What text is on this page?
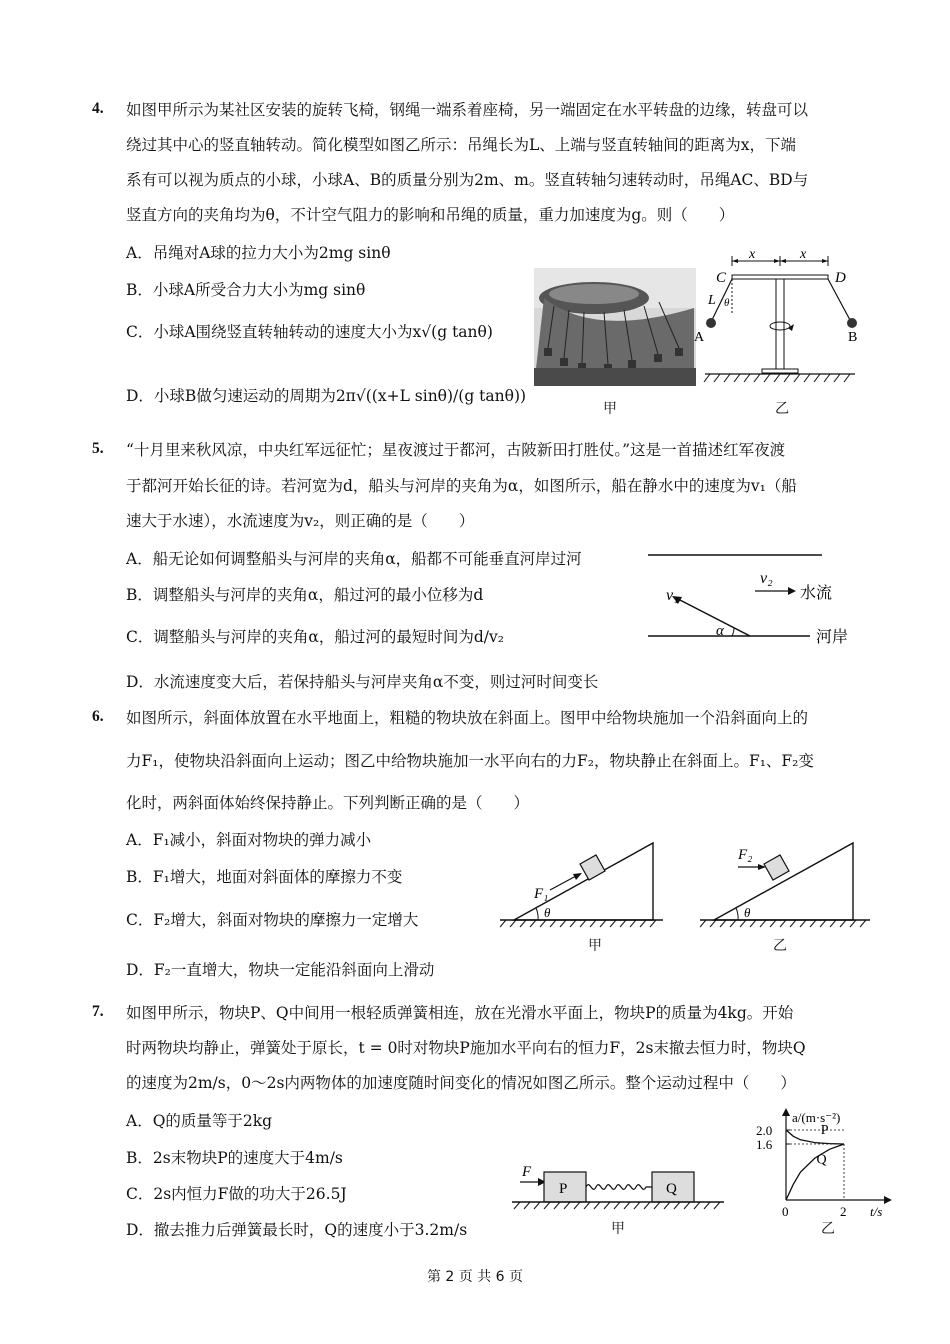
4. 如图甲所示为某社区安装的旋转飞椅，钢绳一端系着座椅，另一端固定在水平转盘的边缘，转盘可以
绕过其中心的竖直轴转动。简化模型如图乙所示：吊绳长为L、上端与竖直转轴间的距离为x，下端
系有可以视为质点的小球，小球A、B的质量分别为2m、m。竖直转轴匀速转动时，吊绳AC、BD与
竖直方向的夹角均为θ，不计空气阻力的影响和吊绳的质量，重力加速度为g。则（　　）
A．吊绳对A球的拉力大小为2mg sinθ
B．小球A所受合力大小为mg sinθ
C．小球A围绕竖直转轴转动的速度大小为x√(g tanθ)
D．小球B做匀速运动的周期为2π√((x+L sinθ)/(g tanθ))
甲
x	x
C	D
L θ
A	B
乙
5. “十月里来秋风凉，中央红军远征忙；星夜渡过于都河，古陂新田打胜仗。”这是一首描述红军夜渡
于都河开始长征的诗。若河宽为d，船头与河岸的夹角为α，如图所示，船在静水中的速度为v₁（船
速大于水速），水流速度为v₂，则正确的是（　　）
A．船无论如何调整船头与河岸的夹角α，船都不可能垂直河岸过河
B．调整船头与河岸的夹角α，船过河的最小位移为d
C．调整船头与河岸的夹角α，船过河的最短时间为d/v₂
D．水流速度变大后，若保持船头与河岸夹角α不变，则过河时间变长
v₂
水流
v₁
α	河岸
6. 如图所示，斜面体放置在水平地面上，粗糙的物块放在斜面上。图甲中给物块施加一个沿斜面向上的
力F₁，使物块沿斜面向上运动；图乙中给物块施加一水平向右的力F₂，物块静止在斜面上。F₁、F₂变
化时，两斜面体始终保持静止。下列判断正确的是（　　）
A．F₁减小，斜面对物块的弹力减小
B．F₁增大，地面对斜面体的摩擦力不变
C．F₂增大，斜面对物块的摩擦力一定增大
D．F₂一直增大，物块一定能沿斜面向上滑动
F₁
θ
F₂
θ
甲	乙
7. 如图甲所示，物块P、Q中间用一根轻质弹簧相连，放在光滑水平面上，物块P的质量为4kg。开始
时两物块均静止，弹簧处于原长，t = 0时对物块P施加水平向右的恒力F，2s末撤去恒力时，物块Q
的速度为2m/s，0～2s内两物体的加速度随时间变化的情况如图乙所示。整个运动过程中（　　）
A．Q的质量等于2kg
B．2s末物块P的速度大于4m/s
C．2s内恒力F做的功大于26.5J
D．撤去推力后弹簧最长时，Q的速度小于3.2m/s
F
P	Q
甲
a/(m·s⁻²)
t/s
2.0
1.6
0	2
P
Q
乙
第 2 页 共 6 页
